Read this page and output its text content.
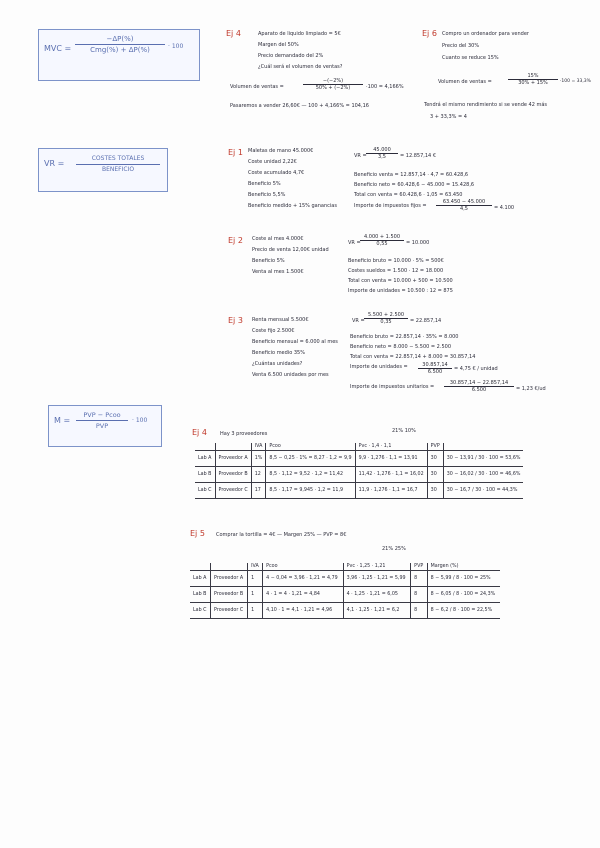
MVC =
−ΔP(%)
Cmg(%) + ΔP(%)	· 100
Ej 4	Aparato de liquido limpiado = 5€
Margen del 50%
Precio demandado del 2%
¿Cuál será el volumen de ventas?
Volumen de ventas =	$\frac{-(-2\%)}{50\% + (-2\%)} \cdot 100 = 4,166\%$
Pasaremos a vender 26,60€ — 100 + 4,166% = 104,16
Ej 6 Compro un ordenador para vender
Precio del 30%
Cuanto se reduce 15%
Volumen de ventas =	$\frac{15\%}{30\% + 15\%} \cdot 100 = 33,3\%$
Tendrá el mismo rendimiento si se vende 42 más
3 + 33,3% = 4
VR =
COSTES TOTALES
BENEFICIO
Ej 1 Maletas de mano 45.000€
Coste unidad 2,22€
Coste acumulado 4,7€
Beneficio 5%
Beneficio 5,5%
Beneficio medido + 15% ganancias
VR = $\frac{45.000}{3,5} = 12.857,14$ €
Beneficio venta = 12.857,14 · 4,7 = 60.428,6
Beneficio neto = 60.428,6 − 45.000 = 15.428,6
Total con venta = 60.428,6 · 1,05 = 63.450
Importe de impuestos fijos = $\frac{63.450 - 45.000}{4,5} = 4.100$
Ej 2 Coste al mes 4.000€
Precio de venta 12,00€ unidad
Beneficio 5%
Venta al mes 1.500€
VR = $\frac{4.000 + 1.500}{0,55} = 10.000$
Beneficio bruto = 10.000 · 5% = 500€
Costes sueldos = 1.500 · 12 = 18.000
Total con venta = 10.000 + 500 = 10.500
Importe de unidades = 10.500 : 12 = 875
Ej 3 Renta mensual 5.500€
Coste fijo 2.500€
Beneficio mensual = 6.000 al mes
Beneficio medio 35%
¿Cuántas unidades?
Venta 6.500 unidades por mes
VR = $\frac{5.500 + 2.500}{0,35} = 22.857,14$
Beneficio bruto = 22.857,14 · 35% = 8.000
Beneficio neto = 8.000 − 5.500 = 2.500
Total con venta = 22.857,14 + 8.000 = 30.857,14
Importe de unidades = $\frac{30.857,14}{6.500} = 4,75$ € / unidad
Importe de impuestos unitarios = $\frac{30.857,14 - 22.857,14}{6.500} = 1,23$ €/ud
M =
PVP − Pcoo
PVP
· 100
Ej 4	Hay 3 proveedores	21% 10%
		IVA	Pcoo	Pvc · 1,4 · 1,1	PVP	
Lab A	Proveedor A	1%	8,5 − 0,25 · 1% = 8,27 · 1,2 = 9,9	9,9 · 1,276 · 1,1 = 13,91	30	30 − 13,91 / 30 · 100 = 53,6%
Lab B	Proveedor B	12	8,5 · 1,12 = 9,52 · 1,2 = 11,42	11,42 · 1,276 · 1,1 = 16,02	30	30 − 16,02 / 30 · 100 = 46,6%
Lab C	Proveedor C	17	8,5 · 1,17 = 9,945 · 1,2 = 11,9	11,9 · 1,276 · 1,1 = 16,7	30	30 − 16,7 / 30 · 100 = 44,3%
Ej 5 Comprar la tortilla = 4€ — Margen 25% — PVP = 8€
21% 25%
		IVA	Pcoo	Pvc · 1,25 · 1,21	PVP	Margen (%)
Lab A	Proveedor A	1	4 − 0,04 = 3,96 · 1,21 = 4,79	3,96 · 1,25 · 1,21 = 5,99	8	8 − 5,99 / 8 · 100 = 25%
Lab B	Proveedor B	1	4 · 1 = 4 · 1,21 = 4,84	4 · 1,25 · 1,21 = 6,05	8	8 − 6,05 / 8 · 100 = 24,3%
Lab C	Proveedor C	1	4,10 · 1 = 4,1 · 1,21 = 4,96	4,1 · 1,25 · 1,21 = 6,2	8	8 − 6,2 / 8 · 100 = 22,5%
